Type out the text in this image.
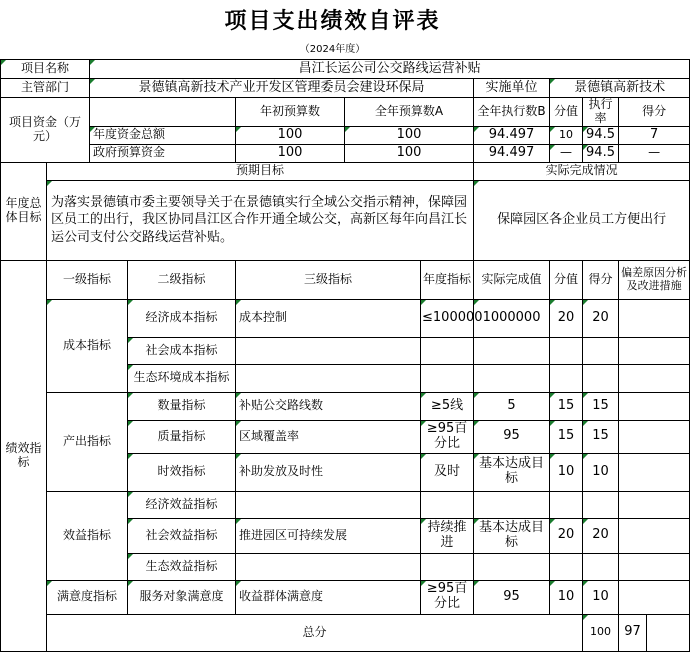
项目支出绩效自评表
（2024年度）
项目名称		昌江长运公司公交路线运营补贴									
主管部门		景德镇高新技术产业开发区管理委员会建设环保局					实施单位	景德镇高新技术			
项目资金（万元）				年初预算数	全年预算数A		全年执行数B	分值	执行率	得分	
		年度资金总额		100	100		94.497	10	94.5	7	
		政府预算资金		100	100		94.497	—	94.5	—	
年度总体目标	预期目标						实际完成情况				
	为落实景德镇市委主要领导关于在景德镇实行全域公交指示精神，保障园区员工的出行，我区协同昌江区合作开通全域公交，高新区每年向昌江长运公司支付公交路线运营补贴。						保障园区各企业员工方便出行				
绩效指标	一级指标		二级指标	三级指标		年度指标	实际完成值	分值	得分	偏差原因分析及改进措施	
	成本指标		经济成本指标	成本控制		≤100000	1000000	20	20		
			社会成本指标								
			生态环境成本指标								
	产出指标		数量指标	补贴公交路线数		≥5线	5	15	15		
			质量指标	区域覆盖率		≥95百分比	95	15	15		
			时效指标	补助发放及时性		及时	基本达成目标	10	10		
	效益指标		经济效益指标								
			社会效益指标	推进园区可持续发展		持续推进	基本达成目标	20	20		
			生态效益指标								
	满意度指标		服务对象满意度	收益群体满意度		≥95百分比	95	10	10		
	总分								100	97	
